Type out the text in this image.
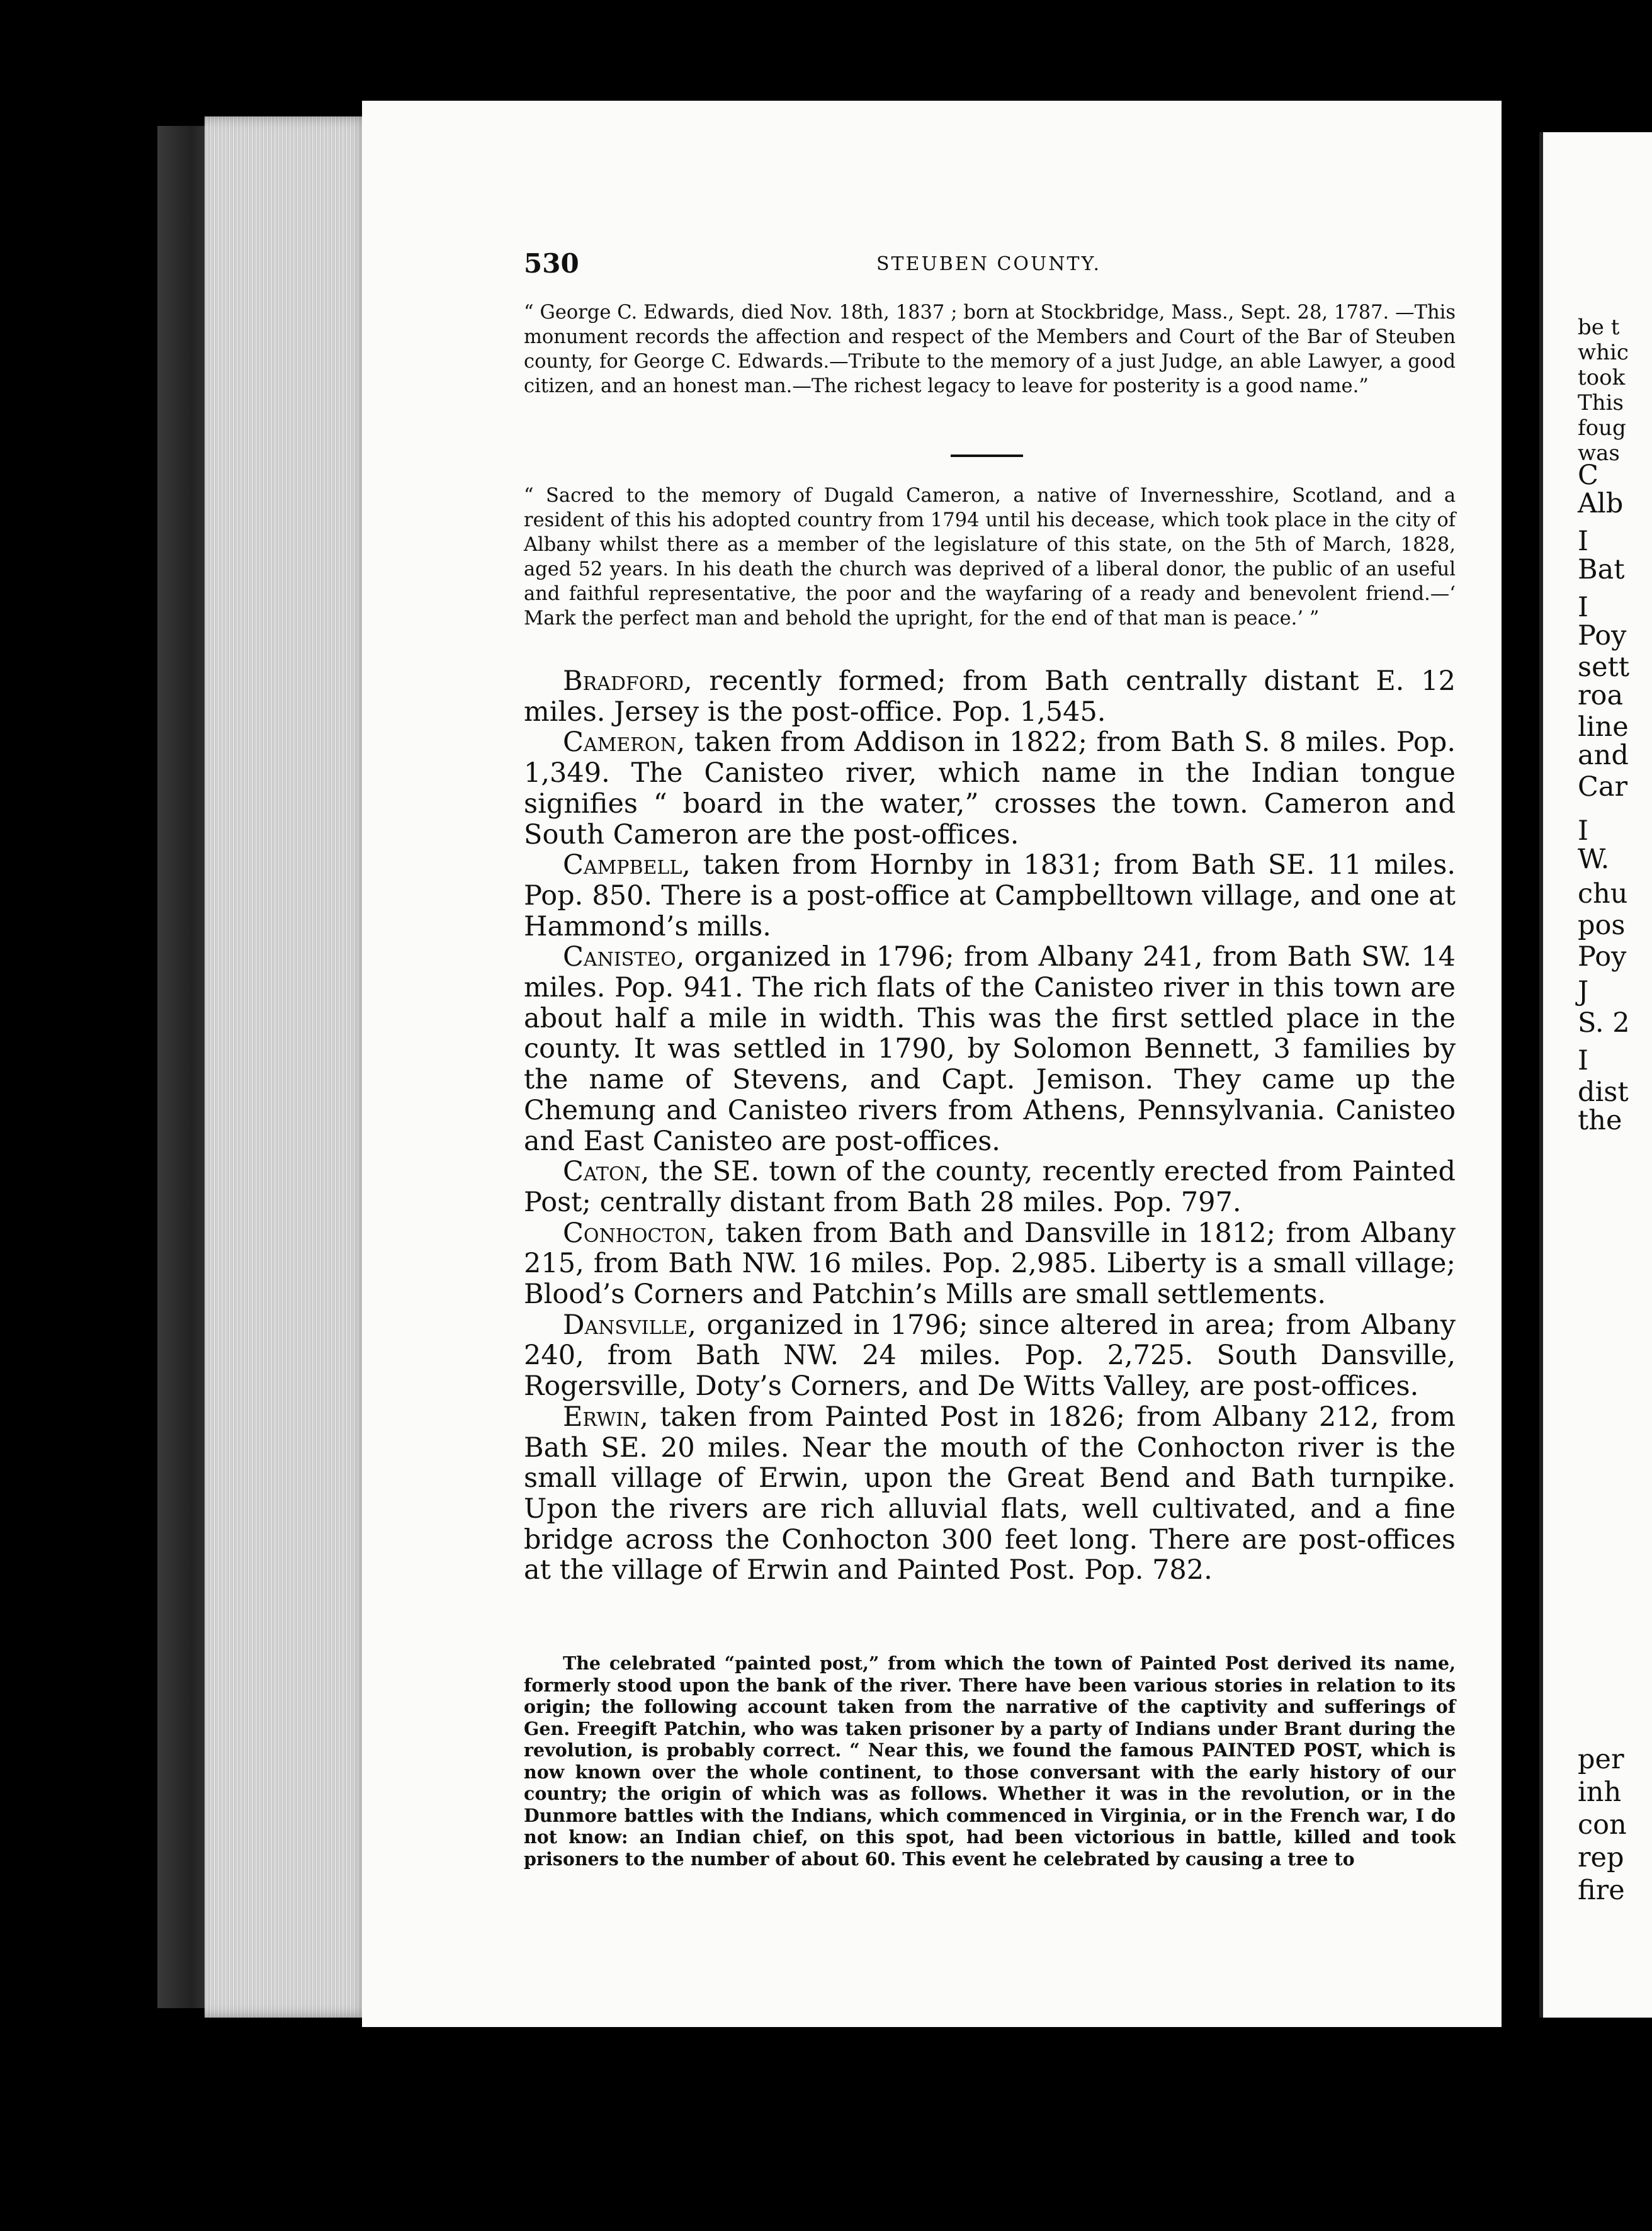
be t
whic
took
This
foug
was
C
Alb
I
Bat
I
Poy
sett
roa
line
and
Car
I
W.
chu
pos
Poy
J
S. 2
I
dist
the
per
inh
con
rep
fire
530	STEUBEN COUNTY.

“ George C. Edwards, died Nov. 18th, 1837 ; born at Stockbridge, Mass., Sept. 28, 1787. —This monument records the affection and respect of the Members and Court of the Bar of Steuben county, for George C. Edwards.—Tribute to the memory of a just Judge, an able Lawyer, a good citizen, and an honest man.—The richest legacy to leave for posterity is a good name.”

“ Sacred to the memory of Dugald Cameron, a native of Invernesshire, Scotland, and a resident of this his adopted country from 1794 until his decease, which took place in the city of Albany whilst there as a member of the legislature of this state, on the 5th of March, 1828, aged 52 years. In his death the church was deprived of a liberal donor, the public of an useful and faithful representative, the poor and the wayfaring of a ready and benevolent friend.—‘ Mark the perfect man and behold the upright, for the end of that man is peace.’ ”

Bradford, recently formed; from Bath centrally distant E. 12 miles. Jersey is the post-office. Pop. 1,545.

Cameron, taken from Addison in 1822; from Bath S. 8 miles. Pop. 1,349. The Canisteo river, which name in the Indian tongue signifies “ board in the water,” crosses the town. Cameron and South Cameron are the post-offices.

Campbell, taken from Hornby in 1831; from Bath SE. 11 miles. Pop. 850. There is a post-office at Campbelltown village, and one at Hammond’s mills.

Canisteo, organized in 1796; from Albany 241, from Bath SW. 14 miles. Pop. 941. The rich flats of the Canisteo river in this town are about half a mile in width. This was the first settled place in the county. It was settled in 1790, by Solomon Bennett, 3 families by the name of Stevens, and Capt. Jemison. They came up the Chemung and Canisteo rivers from Athens, Pennsylvania. Canisteo and East Canisteo are post-offices.

Caton, the SE. town of the county, recently erected from Painted Post; centrally distant from Bath 28 miles. Pop. 797.

Conhocton, taken from Bath and Dansville in 1812; from Albany 215, from Bath NW. 16 miles. Pop. 2,985. Liberty is a small village; Blood’s Corners and Patchin’s Mills are small settlements.

Dansville, organized in 1796; since altered in area; from Albany 240, from Bath NW. 24 miles. Pop. 2,725. South Dansville, Rogersville, Doty’s Corners, and De Witts Valley, are post-offices.

Erwin, taken from Painted Post in 1826; from Albany 212, from Bath SE. 20 miles. Near the mouth of the Conhocton river is the small village of Erwin, upon the Great Bend and Bath turnpike. Upon the rivers are rich alluvial flats, well cultivated, and a fine bridge across the Conhocton 300 feet long. There are post-offices at the village of Erwin and Painted Post. Pop. 782.

The celebrated “painted post,” from which the town of Painted Post derived its name, formerly stood upon the bank of the river. There have been various stories in relation to its origin; the following account taken from the narrative of the captivity and sufferings of Gen. Freegift Patchin, who was taken prisoner by a party of Indians under Brant during the revolution, is probably correct. “ Near this, we found the famous PAINTED POST, which is now known over the whole continent, to those conversant with the early history of our country; the origin of which was as follows. Whether it was in the revolution, or in the Dunmore battles with the Indians, which commenced in Virginia, or in the French war, I do not know: an Indian chief, on this spot, had been victorious in battle, killed and took prisoners to the number of about 60. This event he celebrated by causing a tree to
